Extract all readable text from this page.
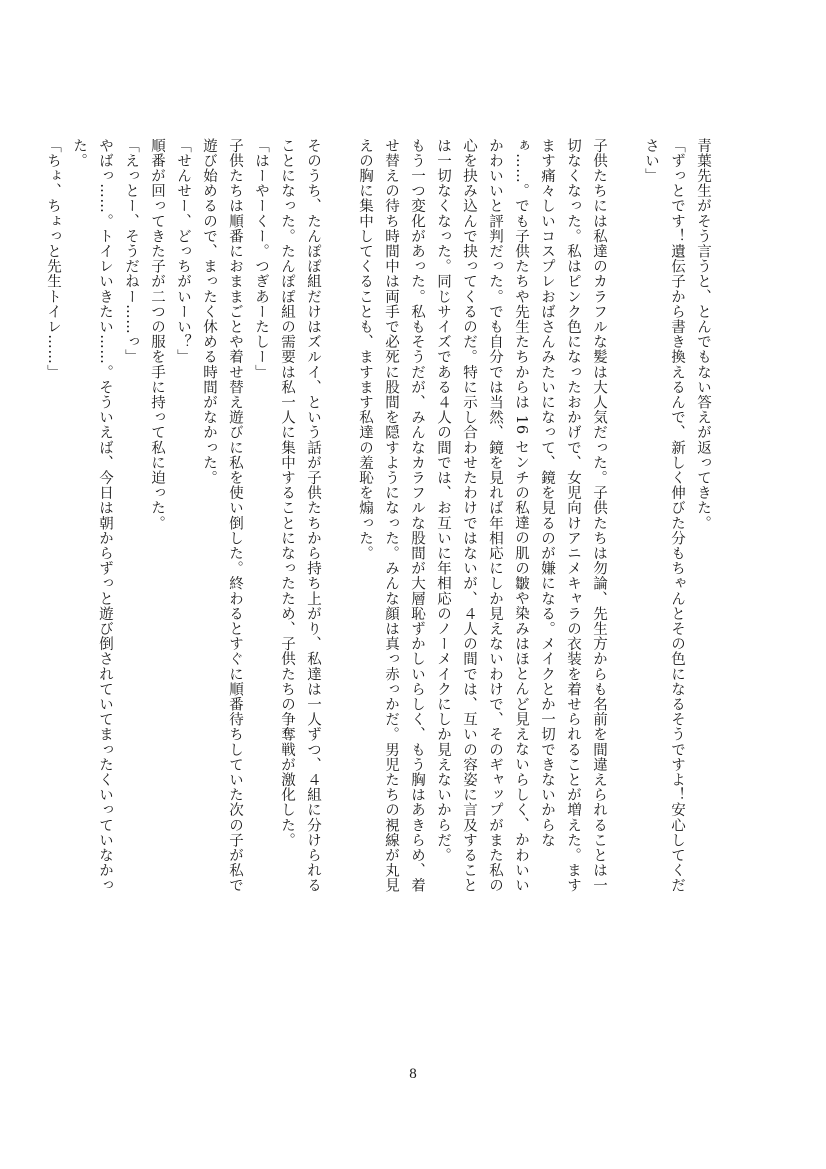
青葉先生がそう言うと、とんでもない答えが返ってきた。

「ずっとです！遺伝子から書き換えるんで、新しく伸びた分もちゃんとその色になるそうですよ！安心してください」

子供たちには私達のカラフルな髪は大人気だった。子供たちは勿論、先生方からも名前を間違えられることは一切なくなった。私はピンク色になったおかげで、女児向けアニメキャラの衣装を着せられることが増えた。ますます痛々しいコスプレおばさんみたいになって、鏡を見るのが嫌になる。メイクとか一切できないからなぁ……。でも子供たちや先生たちからは 16 センチの私達の肌の皺や染みはほとんど見えないらしく、かわいいかわいいと評判だった。でも自分では当然、鏡を見れば年相応にしか見えないわけで、そのギャップがまた私の心を抉み込んで抉ってくるのだ。特に示し合わせたわけではないが、４人の間では、互いの容姿に言及することは一切なくなった。同じサイズである４人の間では、お互いに年相応のノーメイクにしか見えないからだ。

もう一つ変化があった。私もそうだが、みんなカラフルな股間が大層恥ずかしいらしく、もう胸はあきらめ、着せ替えの待ち時間中は両手で必死に股間を隠すようになった。みんな顔は真っ赤っかだ。男児たちの視線が丸見えの胸に集中してくることも、ますます私達の羞恥を煽った。

そのうち、たんぽぽ組だけはズルイ、という話が子供たちから持ち上がり、私達は一人ずつ、４組に分けられることになった。たんぽぽ組の需要は私一人に集中することになったため、子供たちの争奪戦が激化した。

「はーやーくー。つぎあーたしー」

子供たちは順番におままごとや着せ替え遊びに私を使い倒した。終わるとすぐに順番待ちしていた次の子が私で遊び始めるので、まったく休める時間がなかった。

「せんせー、どっちがいーい？」

順番が回ってきた子が二つの服を手に持って私に迫った。

「えっとー、そうだねー……っ」

やばっ……。トイレいきたい……。そういえば、今日は朝からずっと遊び倒されていてまったくいっていなかった。

「ちょ、ちょっと先生トイレ……」

8
